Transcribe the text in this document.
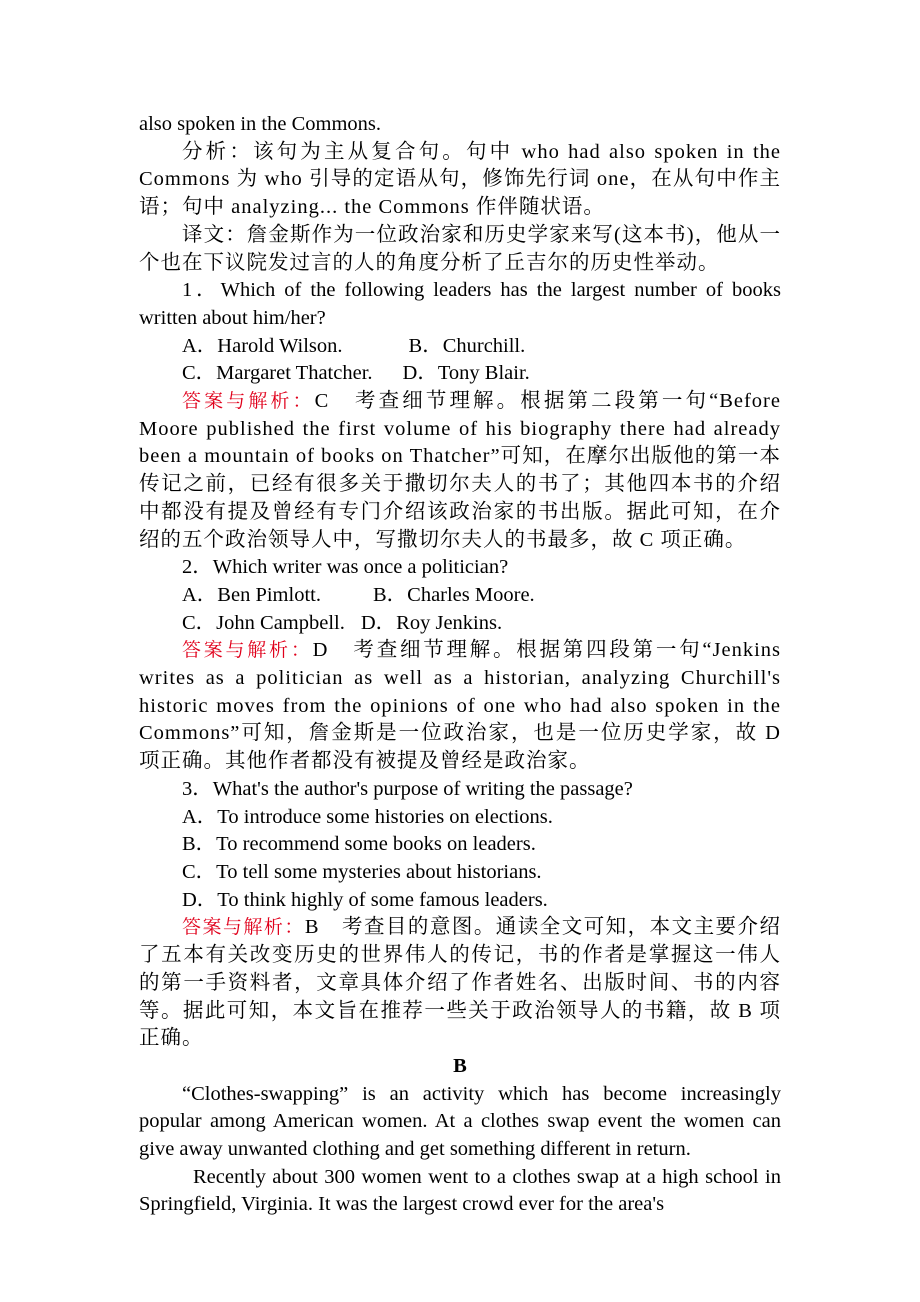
also spoken in the Commons.

分析：该句为主从复合句。句中 who had also spoken in the Commons 为 who 引导的定语从句，修饰先行词 one，在从句中作主语；句中 analyzing... the Commons 作伴随状语。

译文：詹金斯作为一位政治家和历史学家来写(这本书)，他从一个也在下议院发过言的人的角度分析了丘吉尔的历史性举动。

1．Which of the following leaders has the largest number of books written about him/her?

A．Harold Wilson.	B．Churchill.
C．Margaret Thatcher. D．Tony Blair.

答案与解析：C　考查细节理解。根据第二段第一句“Before Moore published the first volume of his biography there had already been a mountain of books on Thatcher”可知，在摩尔出版他的第一本传记之前，已经有很多关于撒切尔夫人的书了；其他四本书的介绍中都没有提及曾经有专门介绍该政治家的书出版。据此可知，在介绍的五个政治领导人中，写撒切尔夫人的书最多，故 C 项正确。

2．Which writer was once a politician?

A．Ben Pimlott.	B．Charles Moore.
C．John Campbell. D．Roy Jenkins.

答案与解析：D　考查细节理解。根据第四段第一句“Jenkins writes as a politician as well as a historian, analyzing Churchill's historic moves from the opinions of one who had also spoken in the Commons”可知，詹金斯是一位政治家，也是一位历史学家，故 D 项正确。其他作者都没有被提及曾经是政治家。

3．What's the author's purpose of writing the passage?

A．To introduce some histories on elections.
B．To recommend some books on leaders.
C．To tell some mysteries about historians.
D．To think highly of some famous leaders.

答案与解析：B　考查目的意图。通读全文可知，本文主要介绍了五本有关改变历史的世界伟人的传记，书的作者是掌握这一伟人的第一手资料者，文章具体介绍了作者姓名、出版时间、书的内容等。据此可知，本文旨在推荐一些关于政治领导人的书籍，故 B 项正确。

B

“Clothes-swapping” is an activity which has become increasingly popular among American women. At a clothes swap event the women can give away unwanted clothing and get something different in return.

Recently about 300 women went to a clothes swap at a high school in Springfield, Virginia. It was the largest crowd ever for the area's
